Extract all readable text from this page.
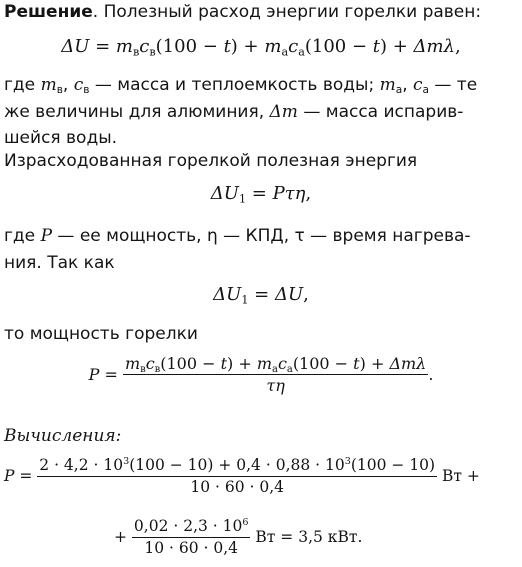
Решение. Полезный расход энергии горелки равен:
$\Delta U = m_вc_в(100 - t) + m_аc_а(100 - t) + \Delta m\lambda$,
где $m_в$, $c_в$ — масса и теплоемкость воды; $m_а$, $c_а$ — те
же величины для алюминия, Δm — масса испарив-
шейся воды.
Израсходованная горелкой полезная энергия
$\Delta U_1 = P\tau\eta$,
где P — ее мощность, η — КПД, τ — время нагрева-
ния. Так как
$\Delta U_1 = \Delta U$,
то мощность горелки
$P = \frac{m_вc_в(100 - t) + m_аc_а(100 - t) + \Delta m\lambda}{\tau\eta}$ .
Вычисления:
$P = \frac{2 \cdot 4,2 \cdot 10^3(100 - 10) + 0,4 \cdot 0,88 \cdot 10^3(100 - 10)}{10 \cdot 60 \cdot 0,4}$ Вт +
+ $\frac{0,02 \cdot 2,3 \cdot 10^6}{10 \cdot 60 \cdot 0,4}$ Вт = 3,5 кВт.
